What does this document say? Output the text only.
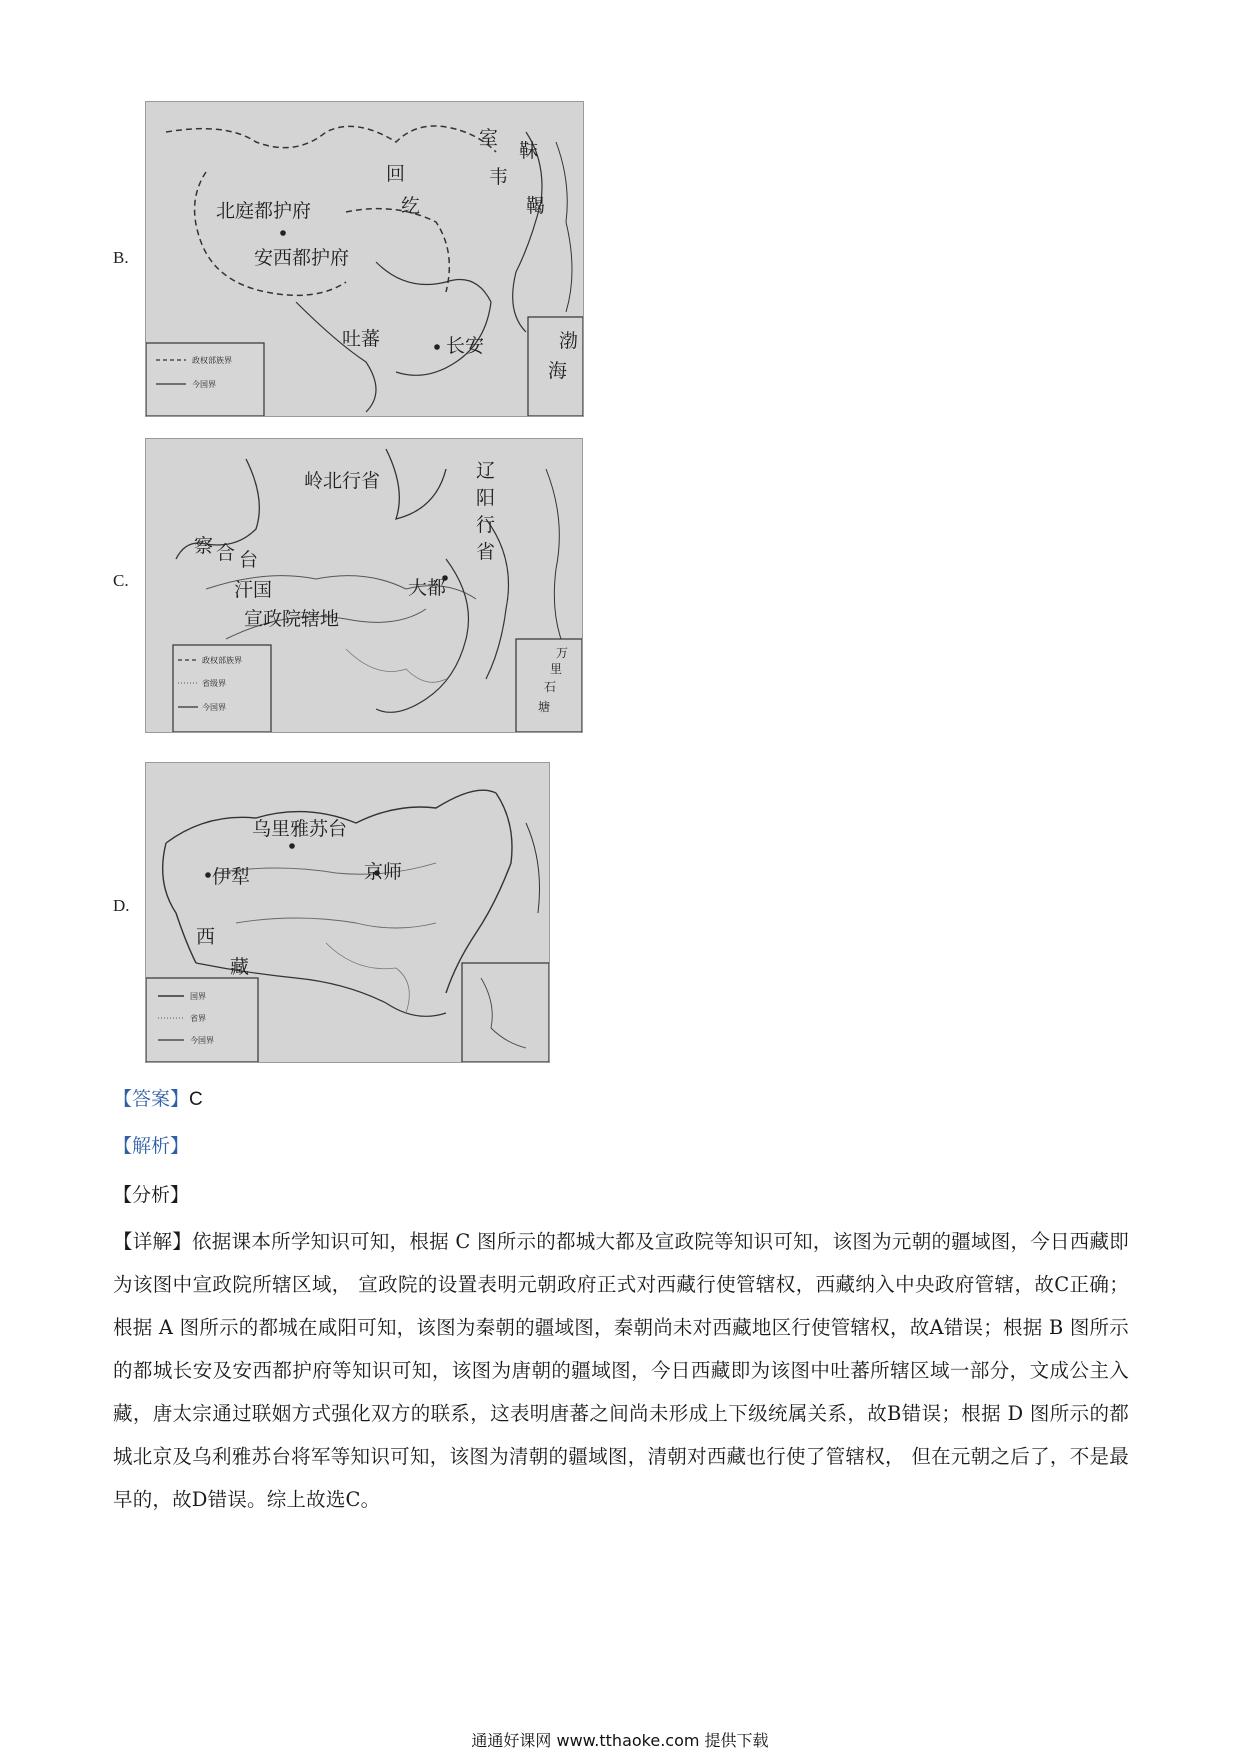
B.
室
靺
韦
鞨
回
纥
北庭都护府
安西都护府
吐蕃	长安	渤
海
政权部族界
今国界
C.
岭北行省	辽
阳
行
省
察 合 台
汗国	大都
宣政院辖地
万
里
石
塘
政权部族界
省级界
今国界
D.
乌里雅苏台
伊犁	京师
西
藏
国界
省界
今国界
【答案】C
【解析】
【分析】
【详解】依据课本所学知识可知，根据 C 图所示的都城大都及宣政院等知识可知，该图为元朝的疆域图，今日西藏即为该图中宣政院所辖区域， 宣政院的设置表明元朝政府正式对西藏行使管辖权，西藏纳入中央政府管辖，故C正确；根据 A 图所示的都城在咸阳可知，该图为秦朝的疆域图，秦朝尚未对西藏地区行使管辖权，故A错误；根据 B 图所示的都城长安及安西都护府等知识可知，该图为唐朝的疆域图，今日西藏即为该图中吐蕃所辖区域一部分，文成公主入藏，唐太宗通过联姻方式强化双方的联系，这表明唐蕃之间尚未形成上下级统属关系，故B错误；根据 D 图所示的都城北京及乌利雅苏台将军等知识可知，该图为清朝的疆域图，清朝对西藏也行使了管辖权， 但在元朝之后了，不是最早的，故D错误。综上故选C。
通通好课网 www.tthaoke.com 提供下载
